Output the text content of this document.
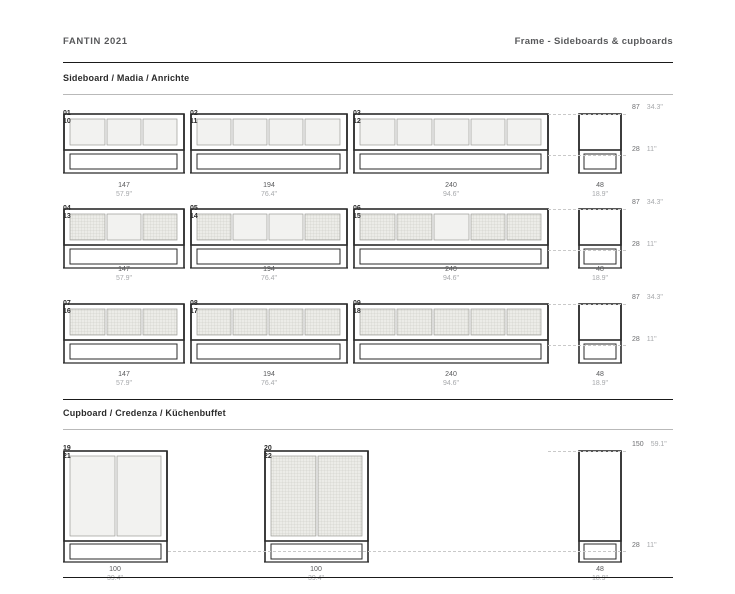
FANTIN 2021	Frame - Sideboards & cupboards
Sideboard / Madia / Anrichte
01
10
147
57.9"
02
11
194
76.4"
03
12
240
94.6"
87 34.3"
28 11"
48
18.9"
04
13
147
57.9"
05
14
194
76.4"
06
15
240
94.6"
87 34.3"
28 11"
48
18.9"
07
16
147
57.9"
08
17
194
76.4"
09
18
240
94.6"
87 34.3"
28 11"
48
18.9"
Cupboard / Credenza / Küchenbuffet
19
21
100
39.4"
20
22
100
39.4"
150 59.1"
28 11"
48
18.9"
